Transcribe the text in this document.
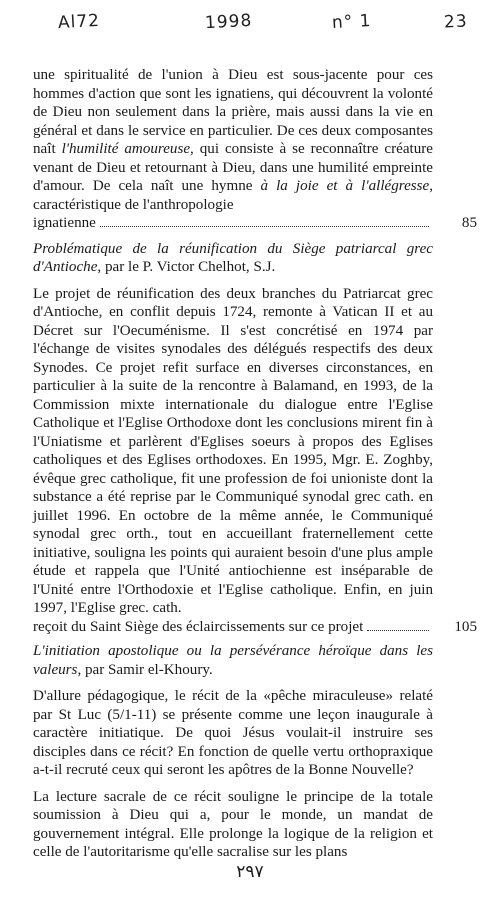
Al72	1998	n° 1	23

une spiritualité de l'union à Dieu est sous-jacente pour ces hommes d'action que sont les ignatiens, qui découvrent la volonté de Dieu non seulement dans la prière, mais aussi dans la vie en général et dans le service en particulier. De ces deux composantes naît l'humilité amoureuse, qui consiste à se reconnaître créature venant de Dieu et retournant à Dieu, dans une humilité empreinte d'amour. De cela naît une hymne à la joie et à l'allégresse, caractéristique de l'anthropologie

ignatienne	85

Problématique de la réunification du Siège patriarcal grec d'Antioche, par le P. Victor Chelhot, S.J.

Le projet de réunification des deux branches du Patriarcat grec d'Antioche, en conflit depuis 1724, remonte à Vatican II et au Décret sur l'Oecuménisme. Il s'est concrétisé en 1974 par l'échange de visites synodales des délégués respectifs des deux Synodes. Ce projet refit surface en diverses circonstances, en particulier à la suite de la rencontre à Balamand, en 1993, de la Commission mixte internationale du dialogue entre l'Eglise Catholique et l'Eglise Orthodoxe dont les conclusions mirent fin à l'Uniatisme et parlèrent d'Eglises soeurs à propos des Eglises catholiques et des Eglises orthodoxes. En 1995, Mgr. E. Zoghby, évêque grec catholique, fit une profession de foi unioniste dont la substance a été reprise par le Communiqué synodal grec cath. en juillet 1996. En octobre de la même année, le Communiqué synodal grec orth., tout en accueillant fraternellement cette initiative, souligna les points qui auraient besoin d'une plus ample étude et rappela que l'Unité antiochienne est inséparable de l'Unité entre l'Orthodoxie et l'Eglise catholique. Enfin, en juin 1997, l'Eglise grec. cath.

reçoit du Saint Siège des éclaircissements sur ce projet	105

L'initiation apostolique ou la persévérance héroïque dans les valeurs, par Samir el-Khoury.

D'allure pédagogique, le récit de la «pêche miraculeuse» relaté par St Luc (5/1-11) se présente comme une leçon inaugurale à caractère initiatique. De quoi Jésus voulait-il instruire ses disciples dans ce récit? En fonction de quelle vertu orthopraxique a-t-il recruté ceux qui seront les apôtres de la Bonne Nouvelle?

La lecture sacrale de ce récit souligne le principe de la totale soumission à Dieu qui a, pour le monde, un mandat de gouvernement intégral. Elle prolonge la logique de la religion et celle de l'autoritarisme qu'elle sacralise sur les plans

٢٩٧
